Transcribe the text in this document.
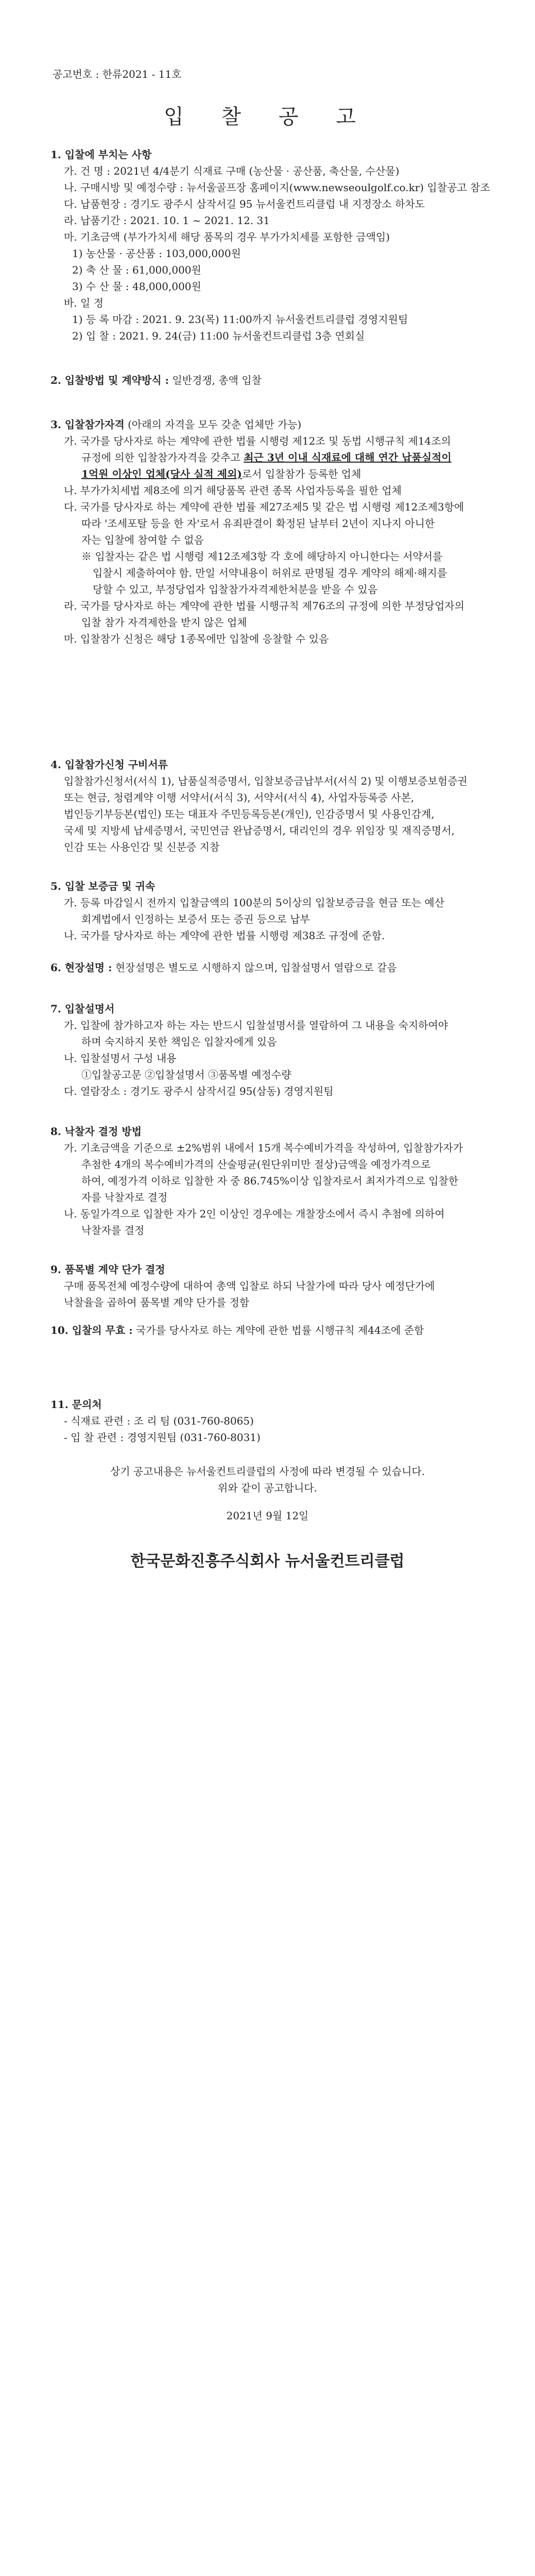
공고번호 : 한류2021 - 11호

입 찰 공 고

1. 입찰에 부치는 사항

가. 건 명 : 2021년 4/4분기 식재료 구매 (농산물 · 공산품, 축산물, 수산물)

나. 구매시방 및 예정수량 : 뉴서울골프장 홈페이지(www.newseoulgolf.co.kr) 입찰공고 참조

다. 납품현장 : 경기도 광주시 삼작서길 95 뉴서울컨트리클럽 내 지정장소 하차도

라. 납품기간 : 2021. 10. 1 ~ 2021. 12. 31

마. 기초금액 (부가가치세 해당 품목의 경우 부가가치세를 포함한 금액임)

1) 농산물 · 공산품 : 103,000,000원

2) 축 산 물 : 61,000,000원

3) 수 산 물 : 48,000,000원

바. 일 정

1) 등 록 마감 : 2021. 9. 23(목) 11:00까지 뉴서울컨트리클럽 경영지원팀

2) 입 찰 : 2021. 9. 24(금) 11:00 뉴서울컨트리클럽 3층 연회실

2. 입찰방법 및 계약방식 : 일반경쟁, 총액 입찰

3. 입찰참가자격 (아래의 자격을 모두 갖춘 업체만 가능)

가. 국가를 당사자로 하는 계약에 관한 법률 시행령 제12조 및 동법 시행규칙 제14조의

규정에 의한 입찰참가자격을 갖추고 최근 3년 이내 식재료에 대해 연간 납품실적이

1억원 이상인 업체(당사 실적 제외)로서 입찰참가 등록한 업체

나. 부가가치세법 제8조에 의거 해당품목 관련 종목 사업자등록을 필한 업체

다. 국가를 당사자로 하는 계약에 관한 법률 제27조제5 및 같은 법 시행령 제12조제3항에

따라 '조세포탈 등을 한 자'로서 유죄판결이 확정된 날부터 2년이 지나지 아니한

자는 입찰에 참여할 수 없음

※ 입찰자는 같은 법 시행령 제12조제3항 각 호에 해당하지 아니한다는 서약서를

입찰시 제출하여야 함. 만일 서약내용이 허위로 판명될 경우 계약의 해제·해지를

당할 수 있고, 부정당업자 입찰참가자격제한처분을 받을 수 있음

라. 국가를 당사자로 하는 계약에 관한 법률 시행규칙 제76조의 규정에 의한 부정당업자의

입찰 참가 자격제한을 받지 않은 업체

마. 입찰참가 신청은 해당 1종목에만 입찰에 응찰할 수 있음

4. 입찰참가신청 구비서류

입찰참가신청서(서식 1), 납품실적증명서, 입찰보증금납부서(서식 2) 및 이행보증보험증권

또는 현금, 청렴계약 이행 서약서(서식 3), 서약서(서식 4), 사업자등록증 사본,

법인등기부등본(법인) 또는 대표자 주민등록등본(개인), 인감증명서 및 사용인감계,

국세 및 지방세 납세증명서, 국민연금 완납증명서, 대리인의 경우 위임장 및 재직증명서,

인감 또는 사용인감 및 신분증 지참

5. 입찰 보증금 및 귀속

가. 등록 마감일시 전까지 입찰금액의 100분의 5이상의 입찰보증금을 현금 또는 예산

회계법에서 인정하는 보증서 또는 증권 등으로 납부

나. 국가를 당사자로 하는 계약에 관한 법률 시행령 제38조 규정에 준함.

6. 현장설명 : 현장설명은 별도로 시행하지 않으며, 입찰설명서 열람으로 갈음

7. 입찰설명서

가. 입찰에 참가하고자 하는 자는 반드시 입찰설명서를 열람하여 그 내용을 숙지하여야

하며 숙지하지 못한 책임은 입찰자에게 있음

나. 입찰설명서 구성 내용

①입찰공고문 ②입찰설명서 ③품목별 예정수량

다. 열람장소 : 경기도 광주시 삼작서길 95(삼동) 경영지원팀

8. 낙찰자 결정 방법

가. 기초금액을 기준으로 ±2%범위 내에서 15개 복수예비가격을 작성하여, 입찰참가자가

추첨한 4개의 복수예비가격의 산술평균(원단위미만 절상)금액을 예정가격으로

하여, 예정가격 이하로 입찰한 자 중 86.745%이상 입찰자로서 최저가격으로 입찰한

자를 낙찰자로 결정

나. 동일가격으로 입찰한 자가 2인 이상인 경우에는 개찰장소에서 즉시 추첨에 의하여

낙찰자를 결정

9. 품목별 계약 단가 결정

구매 품목전체 예정수량에 대하여 총액 입찰로 하되 낙찰가에 따라 당사 예정단가에

낙찰율을 곱하여 품목별 계약 단가를 정함

10. 입찰의 무효 : 국가를 당사자로 하는 계약에 관한 법률 시행규칙 제44조에 준함

11. 문의처

- 식재료 관련 : 조 리 팀 (031-760-8065)

- 입 찰 관련 : 경영지원팀 (031-760-8031)

상기 공고내용은 뉴서울컨트리클럽의 사정에 따라 변경될 수 있습니다.

위와 같이 공고합니다.

2021년 9월 12일

한국문화진흥주식회사 뉴서울컨트리클럽
